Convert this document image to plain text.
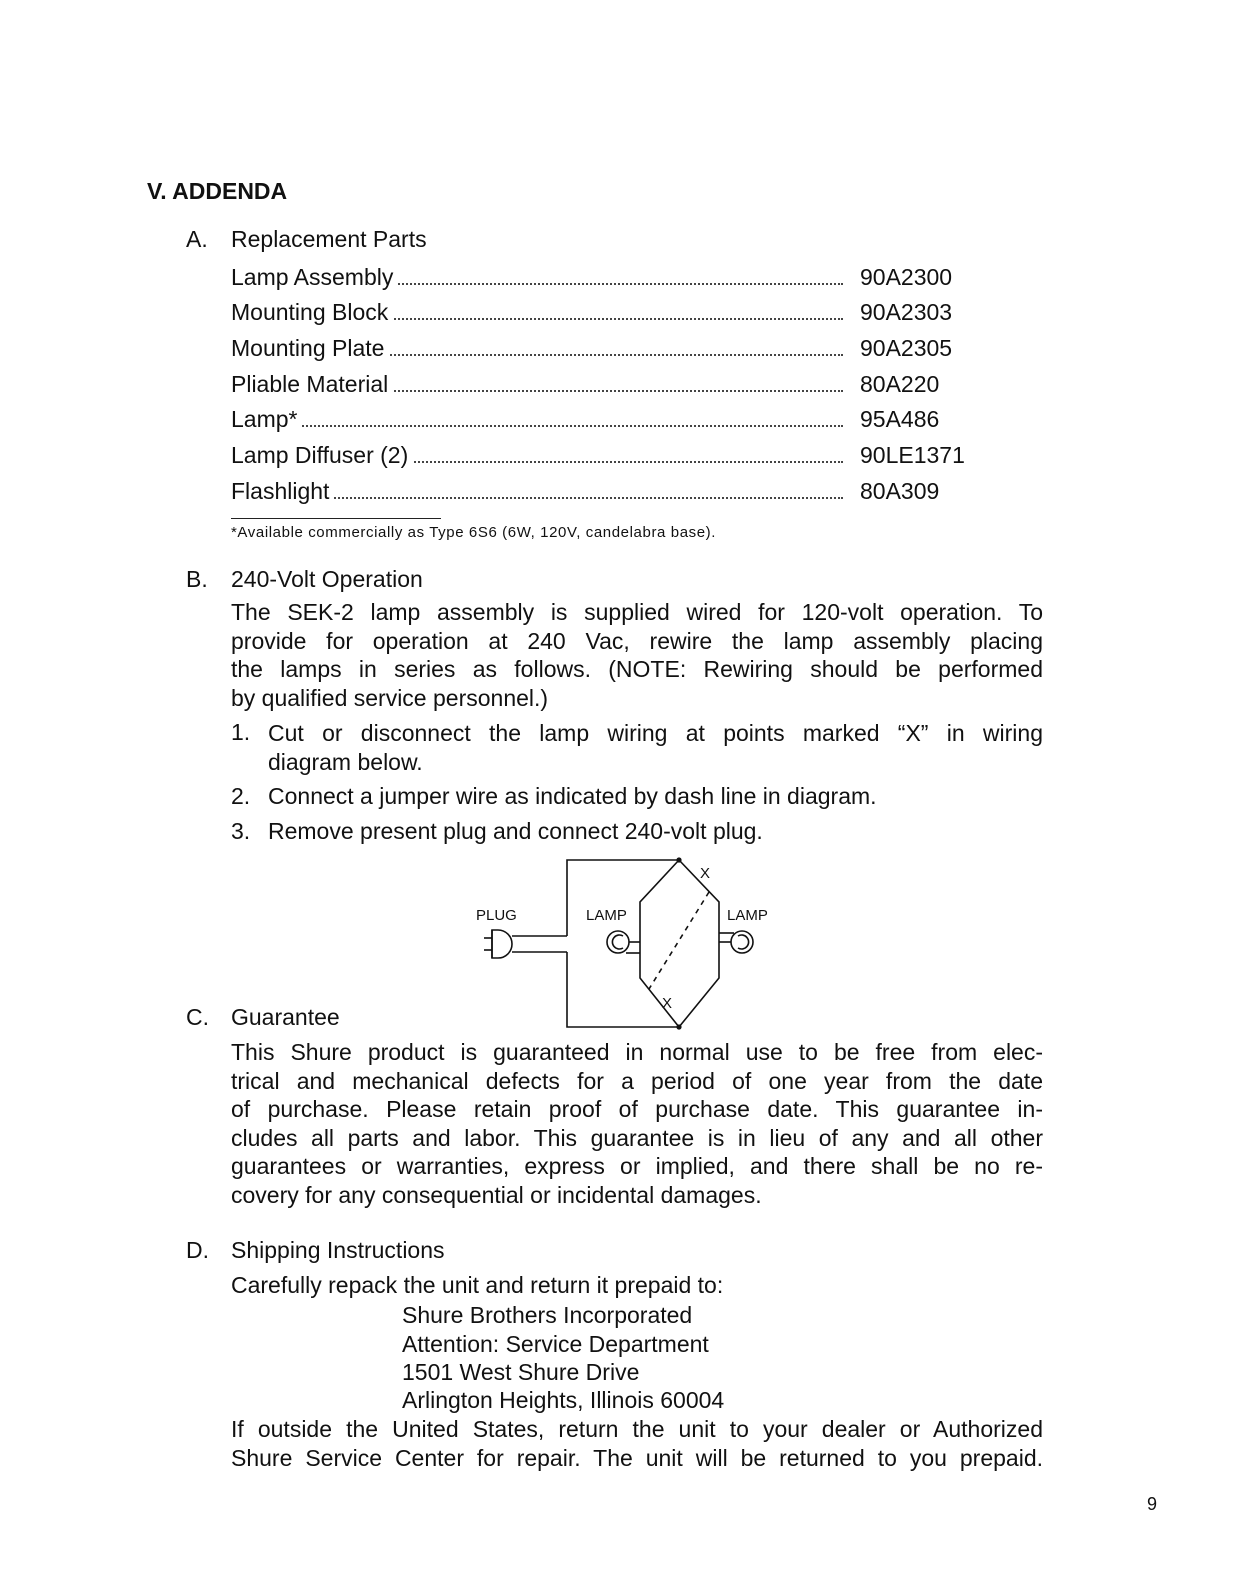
V. ADDENDA
A. Replacement Parts
Lamp Assembly	90A2300
Mounting Block	90A2303
Mounting Plate	90A2305
Pliable Material	80A220
Lamp*	95A486
Lamp Diffuser (2)	90LE1371
Flashlight	80A309
*Available commercially as Type 6S6 (6W, 120V, candelabra base).
B. 240-Volt Operation
The SEK-2 lamp assembly is supplied wired for 120-volt operation. To
provide for operation at 240 Vac, rewire the lamp assembly placing
the lamps in series as follows. (NOTE: Rewiring should be performed
by qualified service personnel.)
1. Cut or disconnect the lamp wiring at points marked “X” in wiring
diagram below.
2. Connect a jumper wire as indicated by dash line in diagram.
3. Remove present plug and connect 240-volt plug.
PLUG	LAMP	LAMP
X
X
C. Guarantee
This Shure product is guaranteed in normal use to be free from elec-
trical and mechanical defects for a period of one year from the date
of purchase. Please retain proof of purchase date. This guarantee in-
cludes all parts and labor. This guarantee is in lieu of any and all other
guarantees or warranties, express or implied, and there shall be no re-
covery for any consequential or incidental damages.
D. Shipping Instructions
Carefully repack the unit and return it prepaid to:
Shure Brothers Incorporated
Attention: Service Department
1501 West Shure Drive
Arlington Heights, Illinois 60004
If outside the United States, return the unit to your dealer or Authorized
Shure Service Center for repair. The unit will be returned to you prepaid.
9
